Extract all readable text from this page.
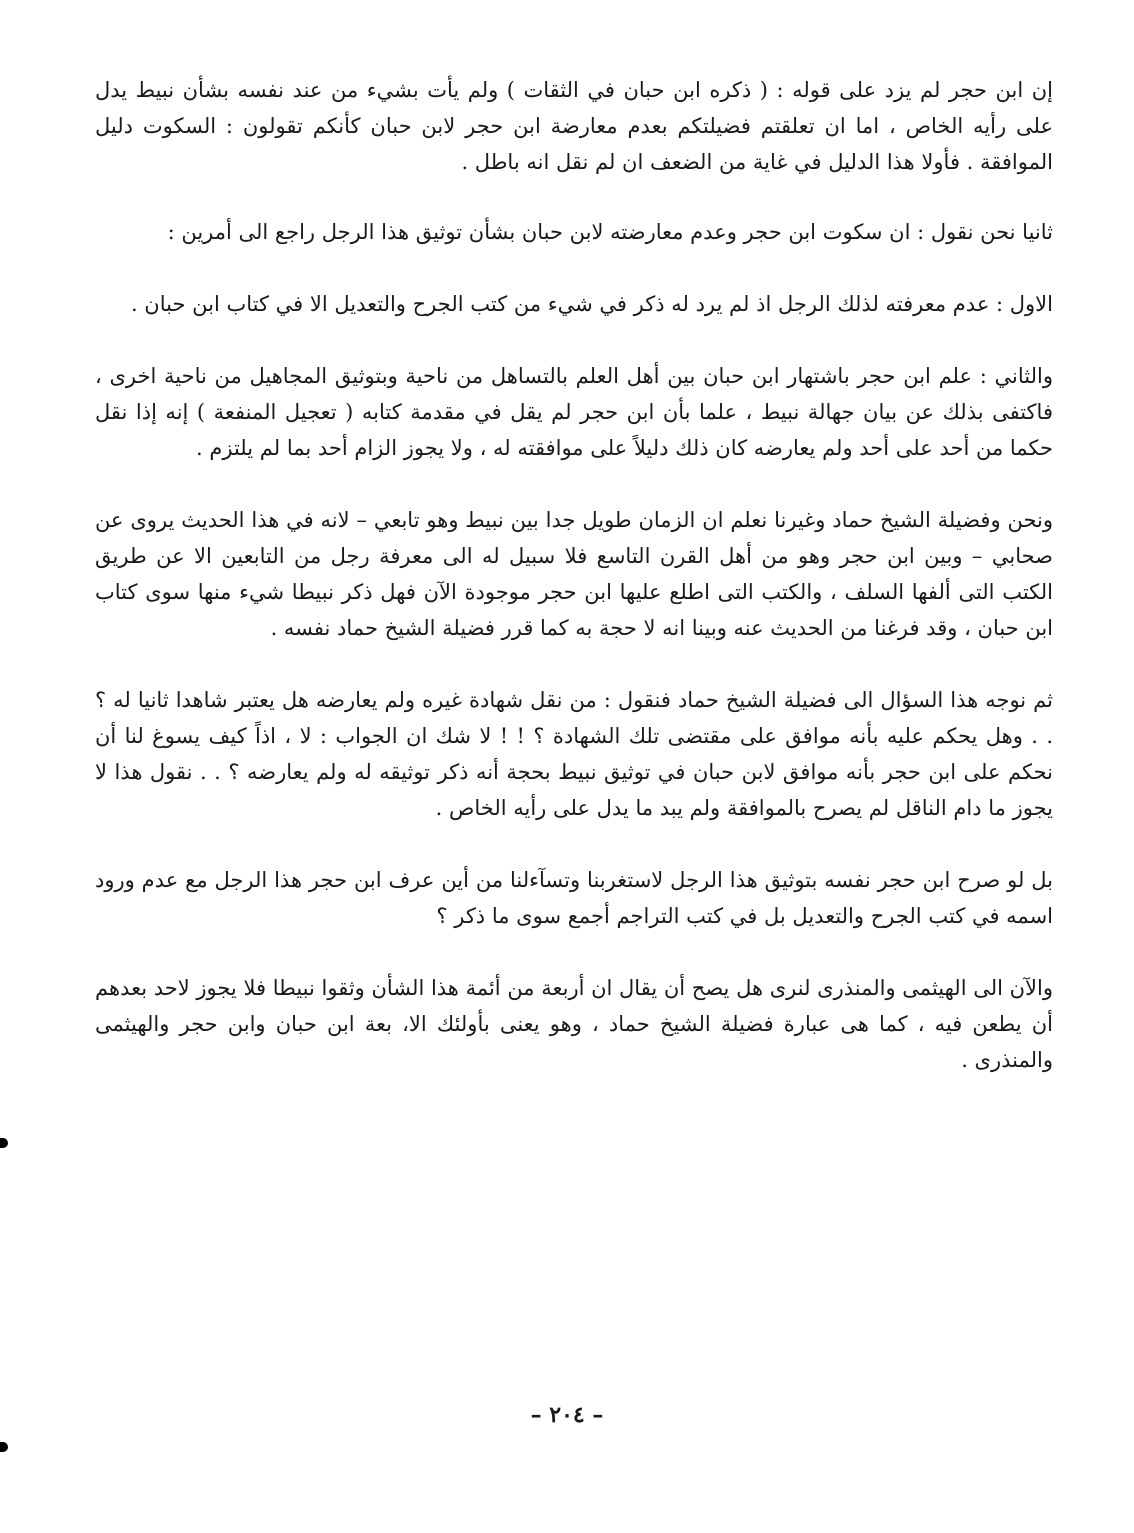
إن ابن حجر لم يزد على قوله : ( ذكره ابن حبان في الثقات ) ولم يأت بشيء من عند نفسه بشأن نبيط يدل على رأيه الخاص ، اما ان تعلقتم فضيلتكم بعدم معارضة ابن حجر لابن حبان كأنكم تقولون : السكوت دليل الموافقة . فأولا هذا الدليل في غاية من الضعف ان لم نقل انه باطل .

ثانيا نحن نقول : ان سكوت ابن حجر وعدم معارضته لابن حبان بشأن توثيق هذا الرجل راجع الى أمرين :

الاول : عدم معرفته لذلك الرجل اذ لم يرد له ذكر في شيء من كتب الجرح والتعديل الا في كتاب ابن حبان .

والثاني : علم ابن حجر باشتهار ابن حبان بين أهل العلم بالتساهل من ناحية وبتوثيق المجاهيل من ناحية اخرى ، فاكتفى بذلك عن بيان جهالة نبيط ، علما بأن ابن حجر لم يقل في مقدمة كتابه ( تعجيل المنفعة ) إنه إذا نقل حكما من أحد على أحد ولم يعارضه كان ذلك دليلاً على موافقته له ، ولا يجوز الزام أحد بما لم يلتزم .

ونحن وفضيلة الشيخ حماد وغيرنا نعلم ان الزمان طويل جدا بين نبيط وهو تابعي – لانه في هذا الحديث يروى عن صحابي – وبين ابن حجر وهو من أهل القرن التاسع فلا سبيل له الى معرفة رجل من التابعين الا عن طريق الكتب التى ألفها السلف ، والكتب التى اطلع عليها ابن حجر موجودة الآن فهل ذكر نبيطا شيء منها سوى كتاب ابن حبان ، وقد فرغنا من الحديث عنه وبينا انه لا حجة به كما قرر فضيلة الشيخ حماد نفسه .

ثم نوجه هذا السؤال الى فضيلة الشيخ حماد فنقول : من نقل شهادة غيره ولم يعارضه هل يعتبر شاهدا ثانيا له ؟ . . وهل يحكم عليه بأنه موافق على مقتضى تلك الشهادة ؟ ! ! لا شك ان الجواب : لا ، اذاً كيف يسوغ لنا أن نحكم على ابن حجر بأنه موافق لابن حبان في توثيق نبيط بحجة أنه ذكر توثيقه له ولم يعارضه ؟ . . نقول هذا لا يجوز ما دام الناقل لم يصرح بالموافقة ولم يبد ما يدل على رأيه الخاص .

بل لو صرح ابن حجر نفسه بتوثيق هذا الرجل لاستغربنا وتسآءلنا من أين عرف ابن حجر هذا الرجل مع عدم ورود اسمه في كتب الجرح والتعديل بل في كتب التراجم أجمع سوى ما ذكر ؟

والآن الى الهيثمى والمنذرى لنرى هل يصح أن يقال ان أربعة من أئمة هذا الشأن وثقوا نبيطا فلا يجوز لاحد بعدهم أن يطعن فيه ، كما هى عبارة فضيلة الشيخ حماد ، وهو يعنى بأولئك الا، بعة ابن حبان وابن حجر والهيثمى والمنذرى .

– ٢٠٤ –
